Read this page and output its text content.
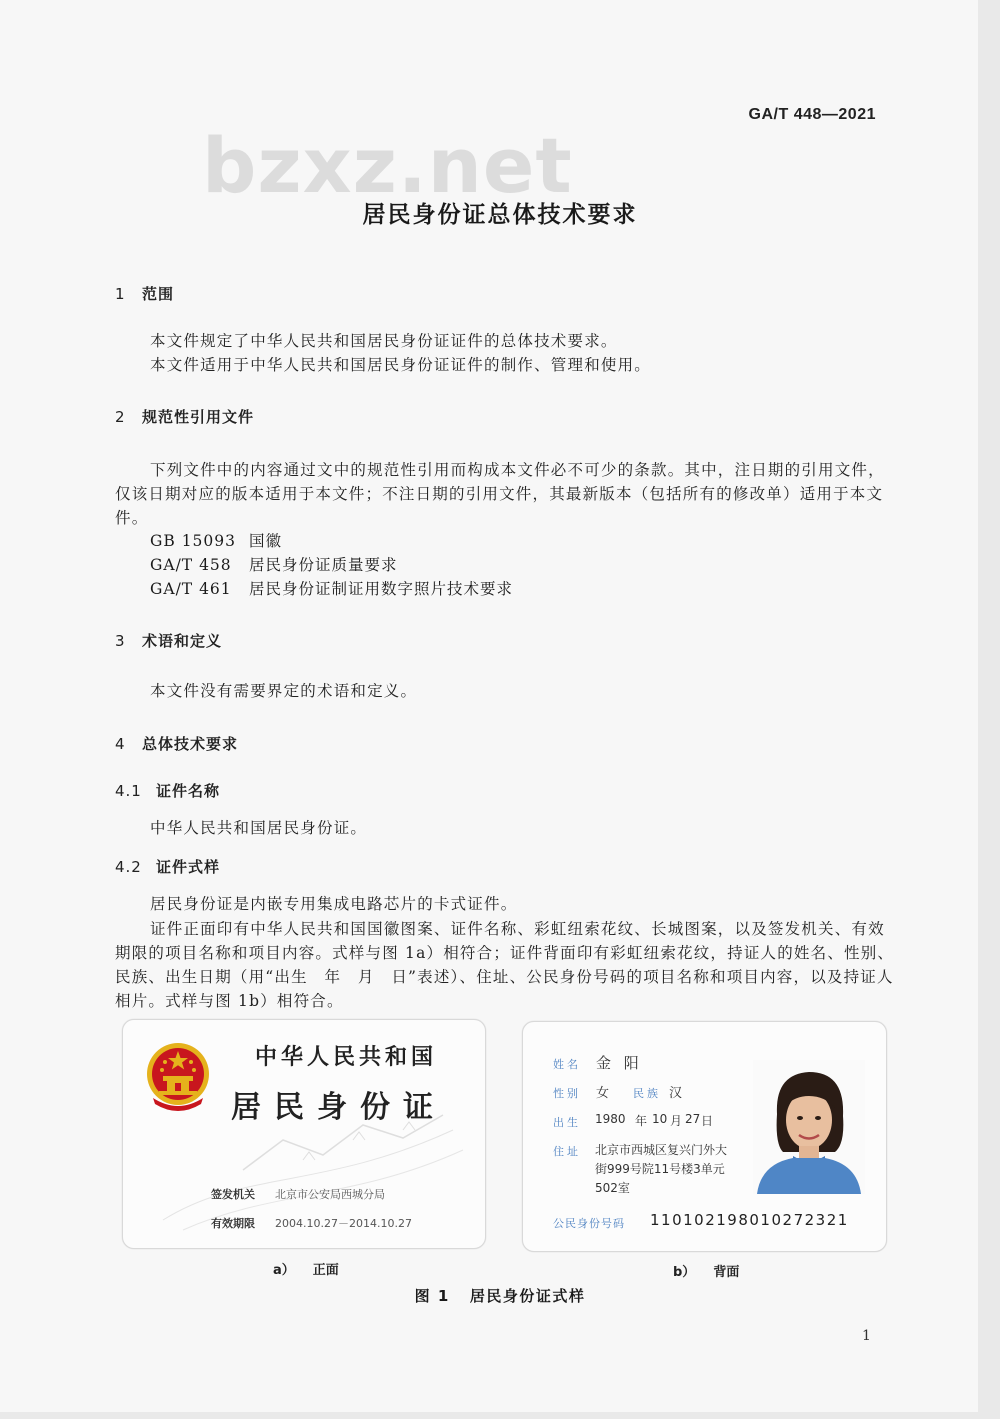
GA/T 448—2021
bzxz.net
居民身份证总体技术要求
1 范围
本文件规定了中华人民共和国居民身份证证件的总体技术要求。
本文件适用于中华人民共和国居民身份证证件的制作、管理和使用。
2 规范性引用文件
下列文件中的内容通过文中的规范性引用而构成本文件必不可少的条款。其中，注日期的引用文件，仅该日期对应的版本适用于本文件；不注日期的引用文件，其最新版本（包括所有的修改单）适用于本文件。
GB 15093 国徽
GA/T 458 居民身份证质量要求
GA/T 461 居民身份证制证用数字照片技术要求
3 术语和定义
本文件没有需要界定的术语和定义。
4 总体技术要求
4.1 证件名称
中华人民共和国居民身份证。
4.2 证件式样
居民身份证是内嵌专用集成电路芯片的卡式证件。
证件正面印有中华人民共和国国徽图案、证件名称、彩虹纽索花纹、长城图案，以及签发机关、有效期限的项目名称和项目内容。式样与图 1a）相符合；证件背面印有彩虹纽索花纹，持证人的姓名、性别、民族、出生日期（用“出生　年　月　日”表述）、住址、公民身份号码的项目名称和项目内容，以及持证人相片。式样与图 1b）相符合。
中华人民共和国
居民身份证
签发机关 北京市公安局西城分局
有效期限 2004.10.27－2014.10.27
姓名 金 阳
性别 女 民族 汉
出生 1980 年 10 月 27 日
住址 北京市西城区复兴门外大
街999号院11号楼3单元
502室
公民身份号码 110102198010272321
a） 正面	b） 背面
图 1 居民身份证式样
1
